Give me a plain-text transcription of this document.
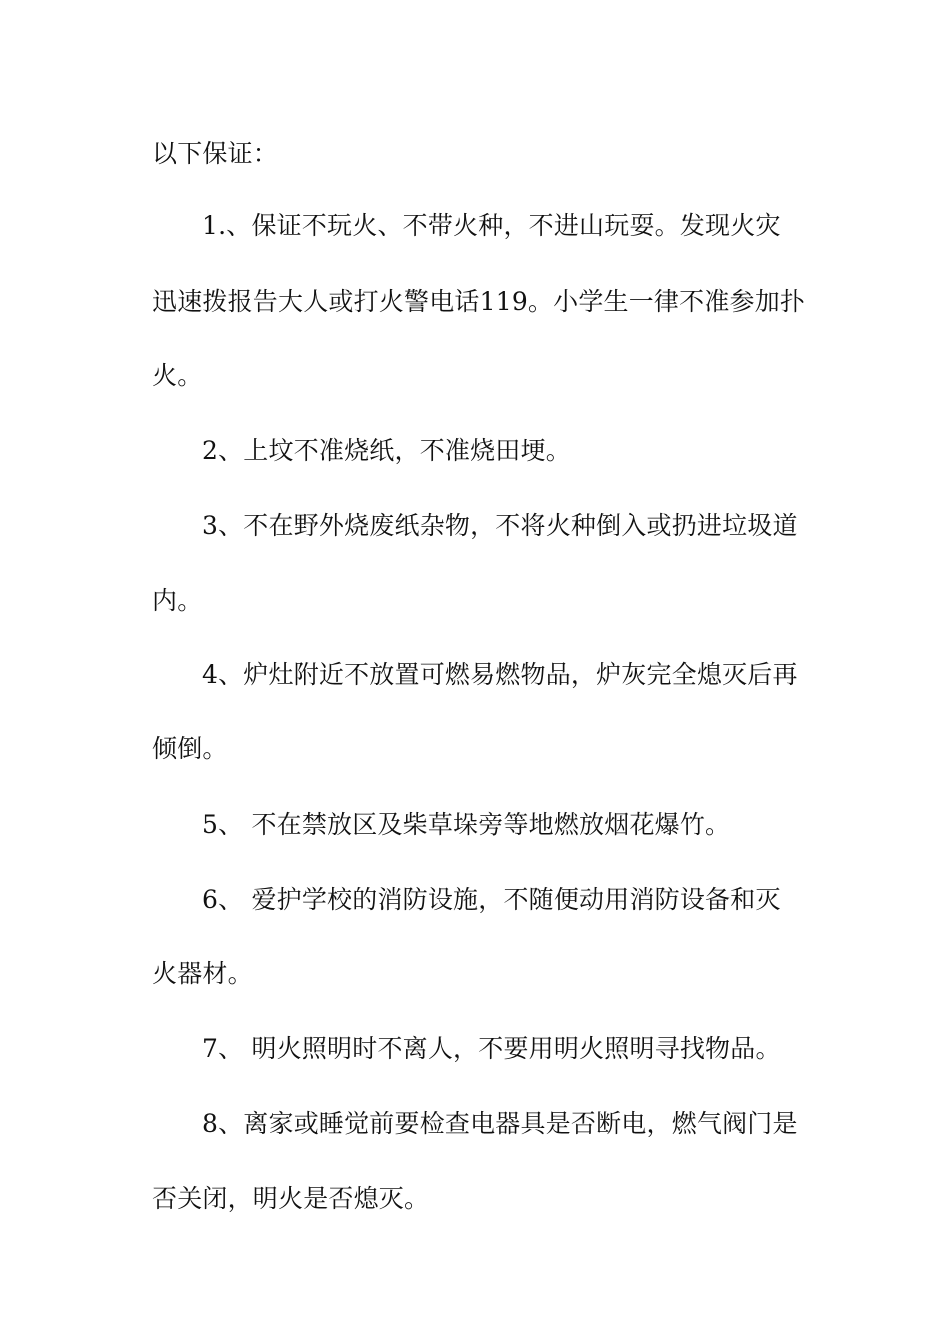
以下保证：
1.、保证不玩火、不带火种，不进山玩耍。发现火灾
迅速拨报告大人或打火警电话119。小学生一律不准参加扑
火。
2、上坟不准烧纸，不准烧田埂。
3、不在野外烧废纸杂物，不将火种倒入或扔进垃圾道
内。
4、炉灶附近不放置可燃易燃物品，炉灰完全熄灭后再
倾倒。
5、 不在禁放区及柴草垛旁等地燃放烟花爆竹。
6、 爱护学校的消防设施，不随便动用消防设备和灭
火器材。
7、 明火照明时不离人，不要用明火照明寻找物品。
8、离家或睡觉前要检查电器具是否断电，燃气阀门是
否关闭，明火是否熄灭。
